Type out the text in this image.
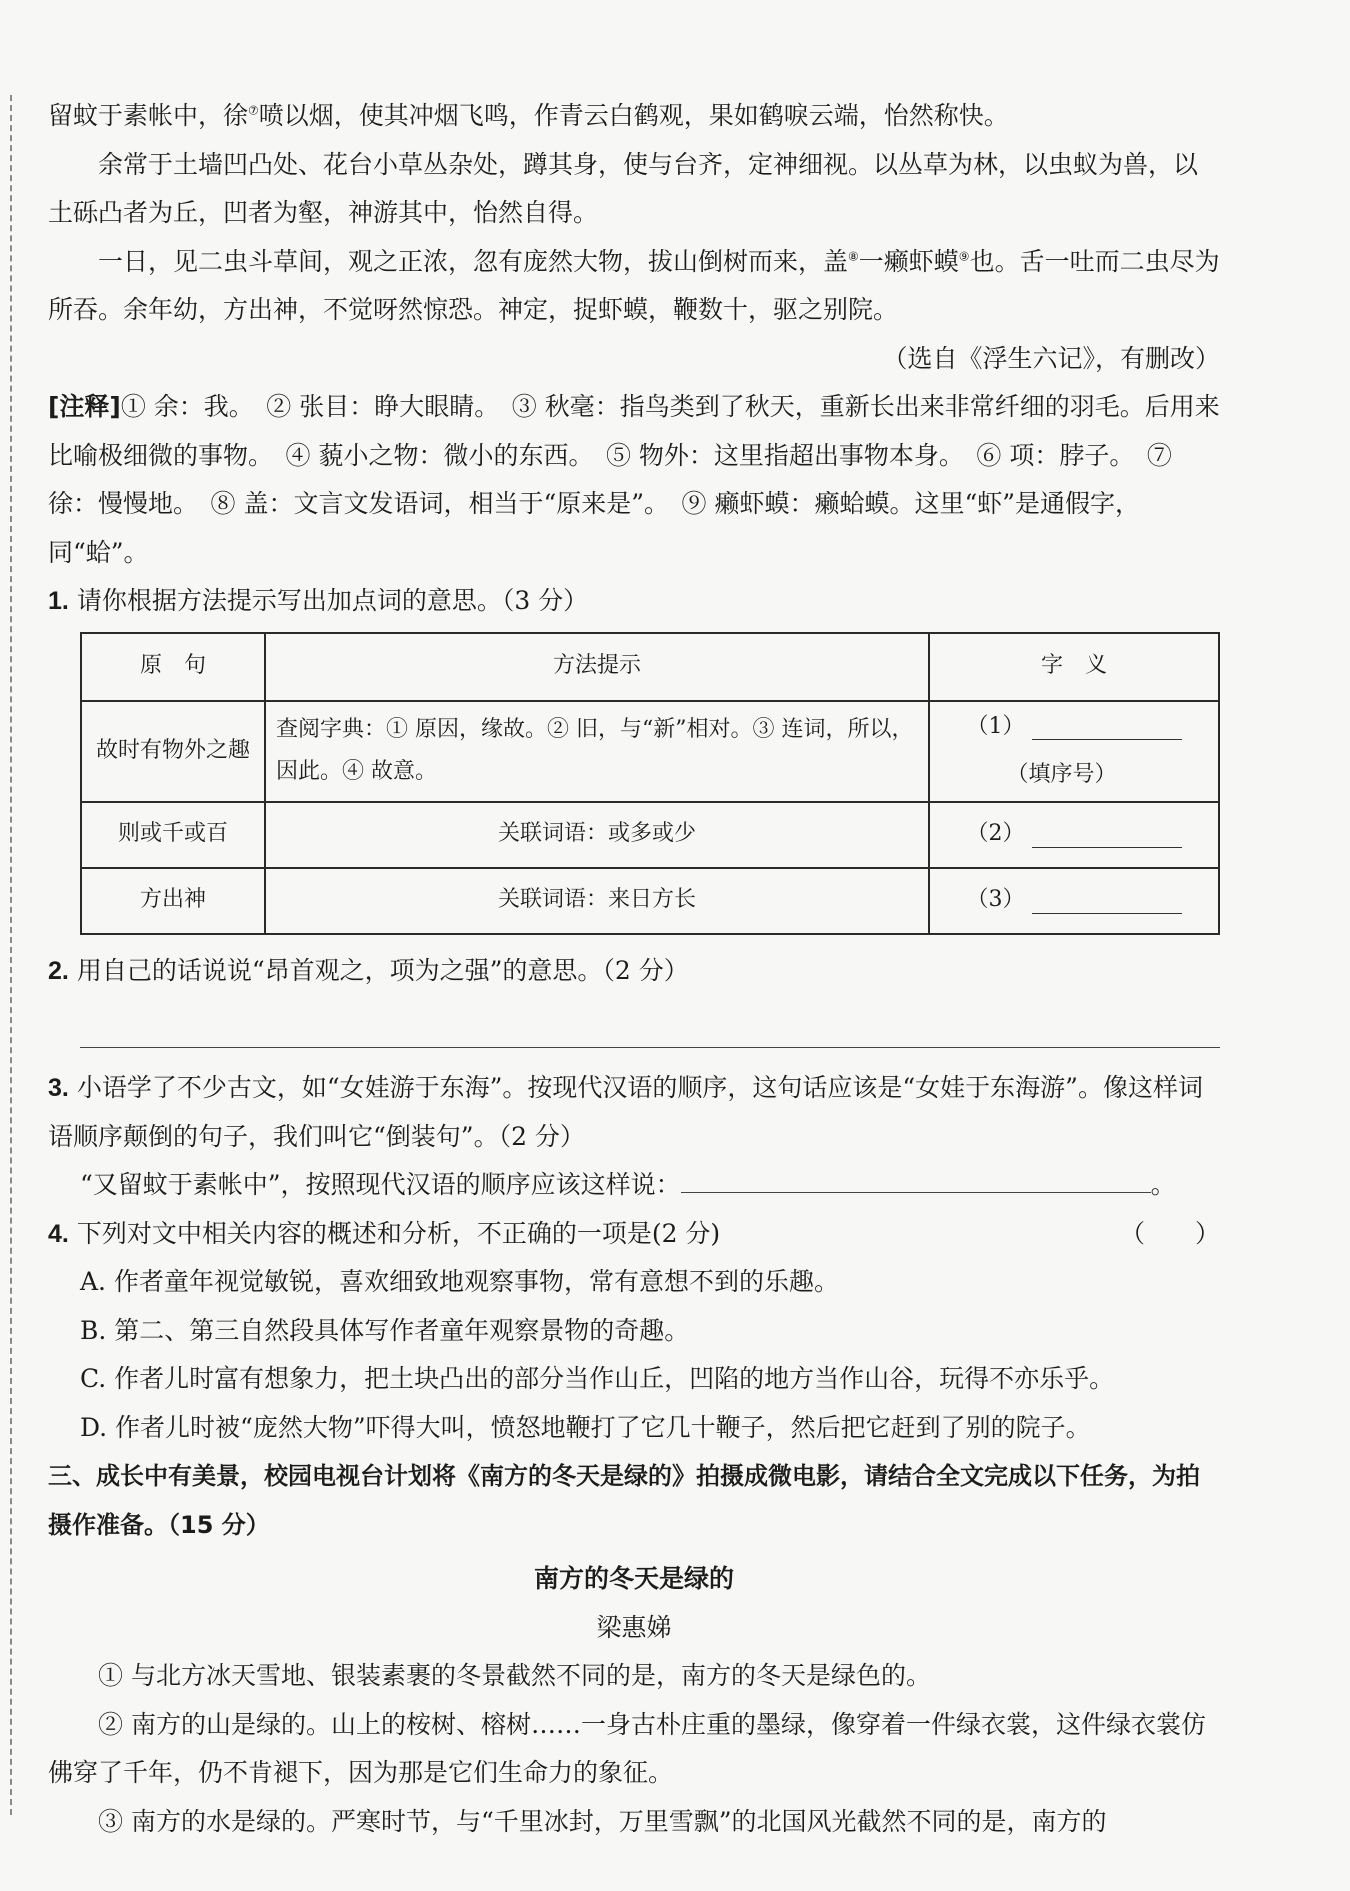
留蚊于素帐中，徐⑦喷以烟，使其冲烟飞鸣，作青云白鹤观，果如鹤唳云端，怡然称快。

余常于土墙凹凸处、花台小草丛杂处，蹲其身，使与台齐，定神细视。以丛草为林，以虫蚁为兽，以土砾凸者为丘，凹者为壑，神游其中，怡然自得。

一日，见二虫斗草间，观之正浓，忽有庞然大物，拔山倒树而来，盖⑧一癞虾蟆⑨也。舌一吐而二虫尽为所吞。余年幼，方出神，不觉呀然惊恐。神定，捉虾蟆，鞭数十，驱之别院。

（选自《浮生六记》，有删改）

[注释]① 余：我。　② 张目：睁大眼睛。　③ 秋毫：指鸟类到了秋天，重新长出来非常纤细的羽毛。后用来比喻极细微的事物。　④ 藐小之物：微小的东西。　⑤ 物外：这里指超出事物本身。　⑥ 项：脖子。　⑦ 徐：慢慢地。　⑧ 盖：文言文发语词，相当于“原来是”。　⑨ 癞虾蟆：癞蛤蟆。这里“虾”是通假字，同“蛤”。

1. 请你根据方法提示写出加点词的意思。（3 分）

原　句	方法提示	字　义
故时有物外之趣	查阅字典：① 原因，缘故。② 旧，与“新”相对。③ 连词，所以，因此。④ 故意。	（1）
（填序号）
则或千或百	关联词语：或多或少	（2）
方出神	关联词语：来日方长	（3）

2. 用自己的话说说“昂首观之，项为之强”的意思。（2 分）

3. 小语学了不少古文，如“女娃游于东海”。按现代汉语的顺序，这句话应该是“女娃于东海游”。像这样词语顺序颠倒的句子，我们叫它“倒装句”。（2 分）

“又留蚊于素帐中”，按照现代汉语的顺序应该这样说：	。

4. 下列对文中相关内容的概述和分析，不正确的一项是(2 分)	（　　）

A. 作者童年视觉敏锐，喜欢细致地观察事物，常有意想不到的乐趣。

B. 第二、第三自然段具体写作者童年观察景物的奇趣。

C. 作者儿时富有想象力，把土块凸出的部分当作山丘，凹陷的地方当作山谷，玩得不亦乐乎。

D. 作者儿时被“庞然大物”吓得大叫，愤怒地鞭打了它几十鞭子，然后把它赶到了别的院子。

三、成长中有美景，校园电视台计划将《南方的冬天是绿的》拍摄成微电影，请结合全文完成以下任务，为拍摄作准备。（15 分）

南方的冬天是绿的

梁惠娣

① 与北方冰天雪地、银装素裹的冬景截然不同的是，南方的冬天是绿色的。

② 南方的山是绿的。山上的桉树、榕树……一身古朴庄重的墨绿，像穿着一件绿衣裳，这件绿衣裳仿佛穿了千年，仍不肯褪下，因为那是它们生命力的象征。

③ 南方的水是绿的。严寒时节，与“千里冰封，万里雪飘”的北国风光截然不同的是，南方的
